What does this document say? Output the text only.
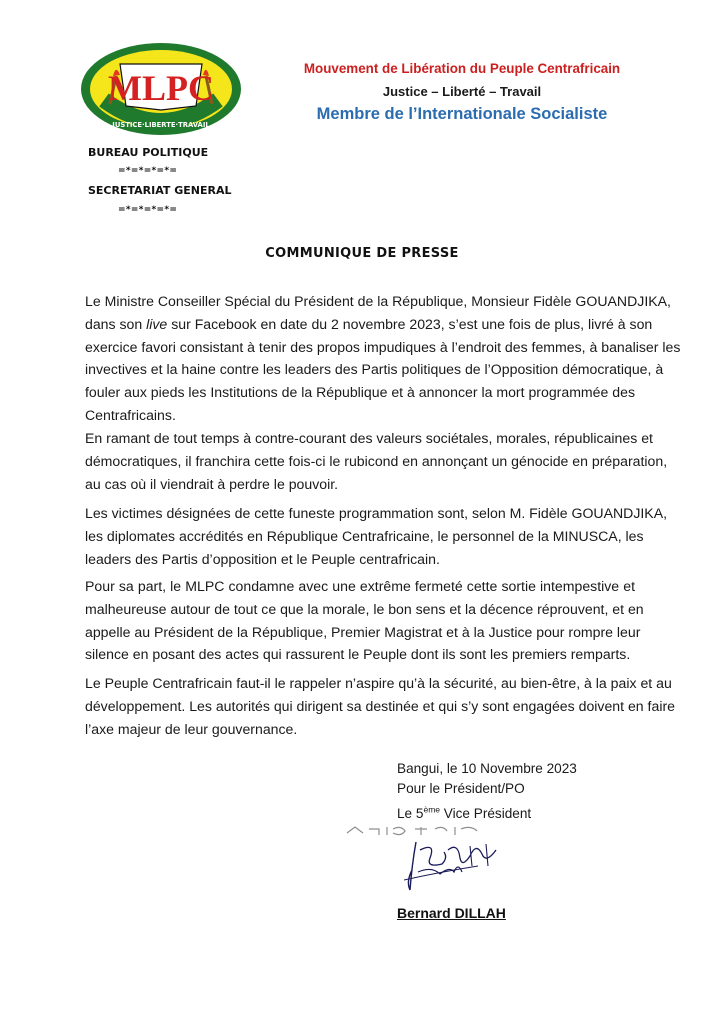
MLPC
JUSTICE·LIBERTE·TRAVAIL
Mouvement de Libération du Peuple Centrafricain
Justice – Liberté – Travail
Membre de l’Internationale Socialiste
BUREAU POLITIQUE
=*=*=*=*=
SECRETARIAT GENERAL
=*=*=*=*=
COMMUNIQUE DE PRESSE
Le Ministre Conseiller Spécial du Président de la République, Monsieur Fidèle GOUANDJIKA,
dans son live sur Facebook en date du 2 novembre 2023, s’est une fois de plus, livré à son
exercice favori consistant à tenir des propos impudiques à l’endroit des femmes, à banaliser les
invectives et la haine contre les leaders des Partis politiques de l’Opposition démocratique, à
fouler aux pieds les Institutions de la République et à annoncer la mort programmée des
Centrafricains.
En ramant de tout temps à contre-courant des valeurs sociétales, morales, républicaines et
démocratiques, il franchira cette fois-ci le rubicond en annonçant un génocide en préparation,
au cas où il viendrait à perdre le pouvoir.
Les victimes désignées de cette funeste programmation sont, selon M. Fidèle GOUANDJIKA,
les diplomates accrédités en République Centrafricaine, le personnel de la MINUSCA, les
leaders des Partis d’opposition et le Peuple centrafricain.
Pour sa part, le MLPC condamne avec une extrême fermeté cette sortie intempestive et
malheureuse autour de tout ce que la morale, le bon sens et la décence réprouvent, et en
appelle au Président de la République, Premier Magistrat et à la Justice pour rompre leur
silence en posant des actes qui rassurent le Peuple dont ils sont les premiers remparts.
Le Peuple Centrafricain faut-il le rappeler n’aspire qu’à la sécurité, au bien-être, à la paix et au
développement. Les autorités qui dirigent sa destinée et qui s’y sont engagées doivent en faire
l’axe majeur de leur gouvernance.
Bangui, le 10 Novembre 2023
Pour le Président/PO
Le 5ème Vice Président
Bernard DILLAH
